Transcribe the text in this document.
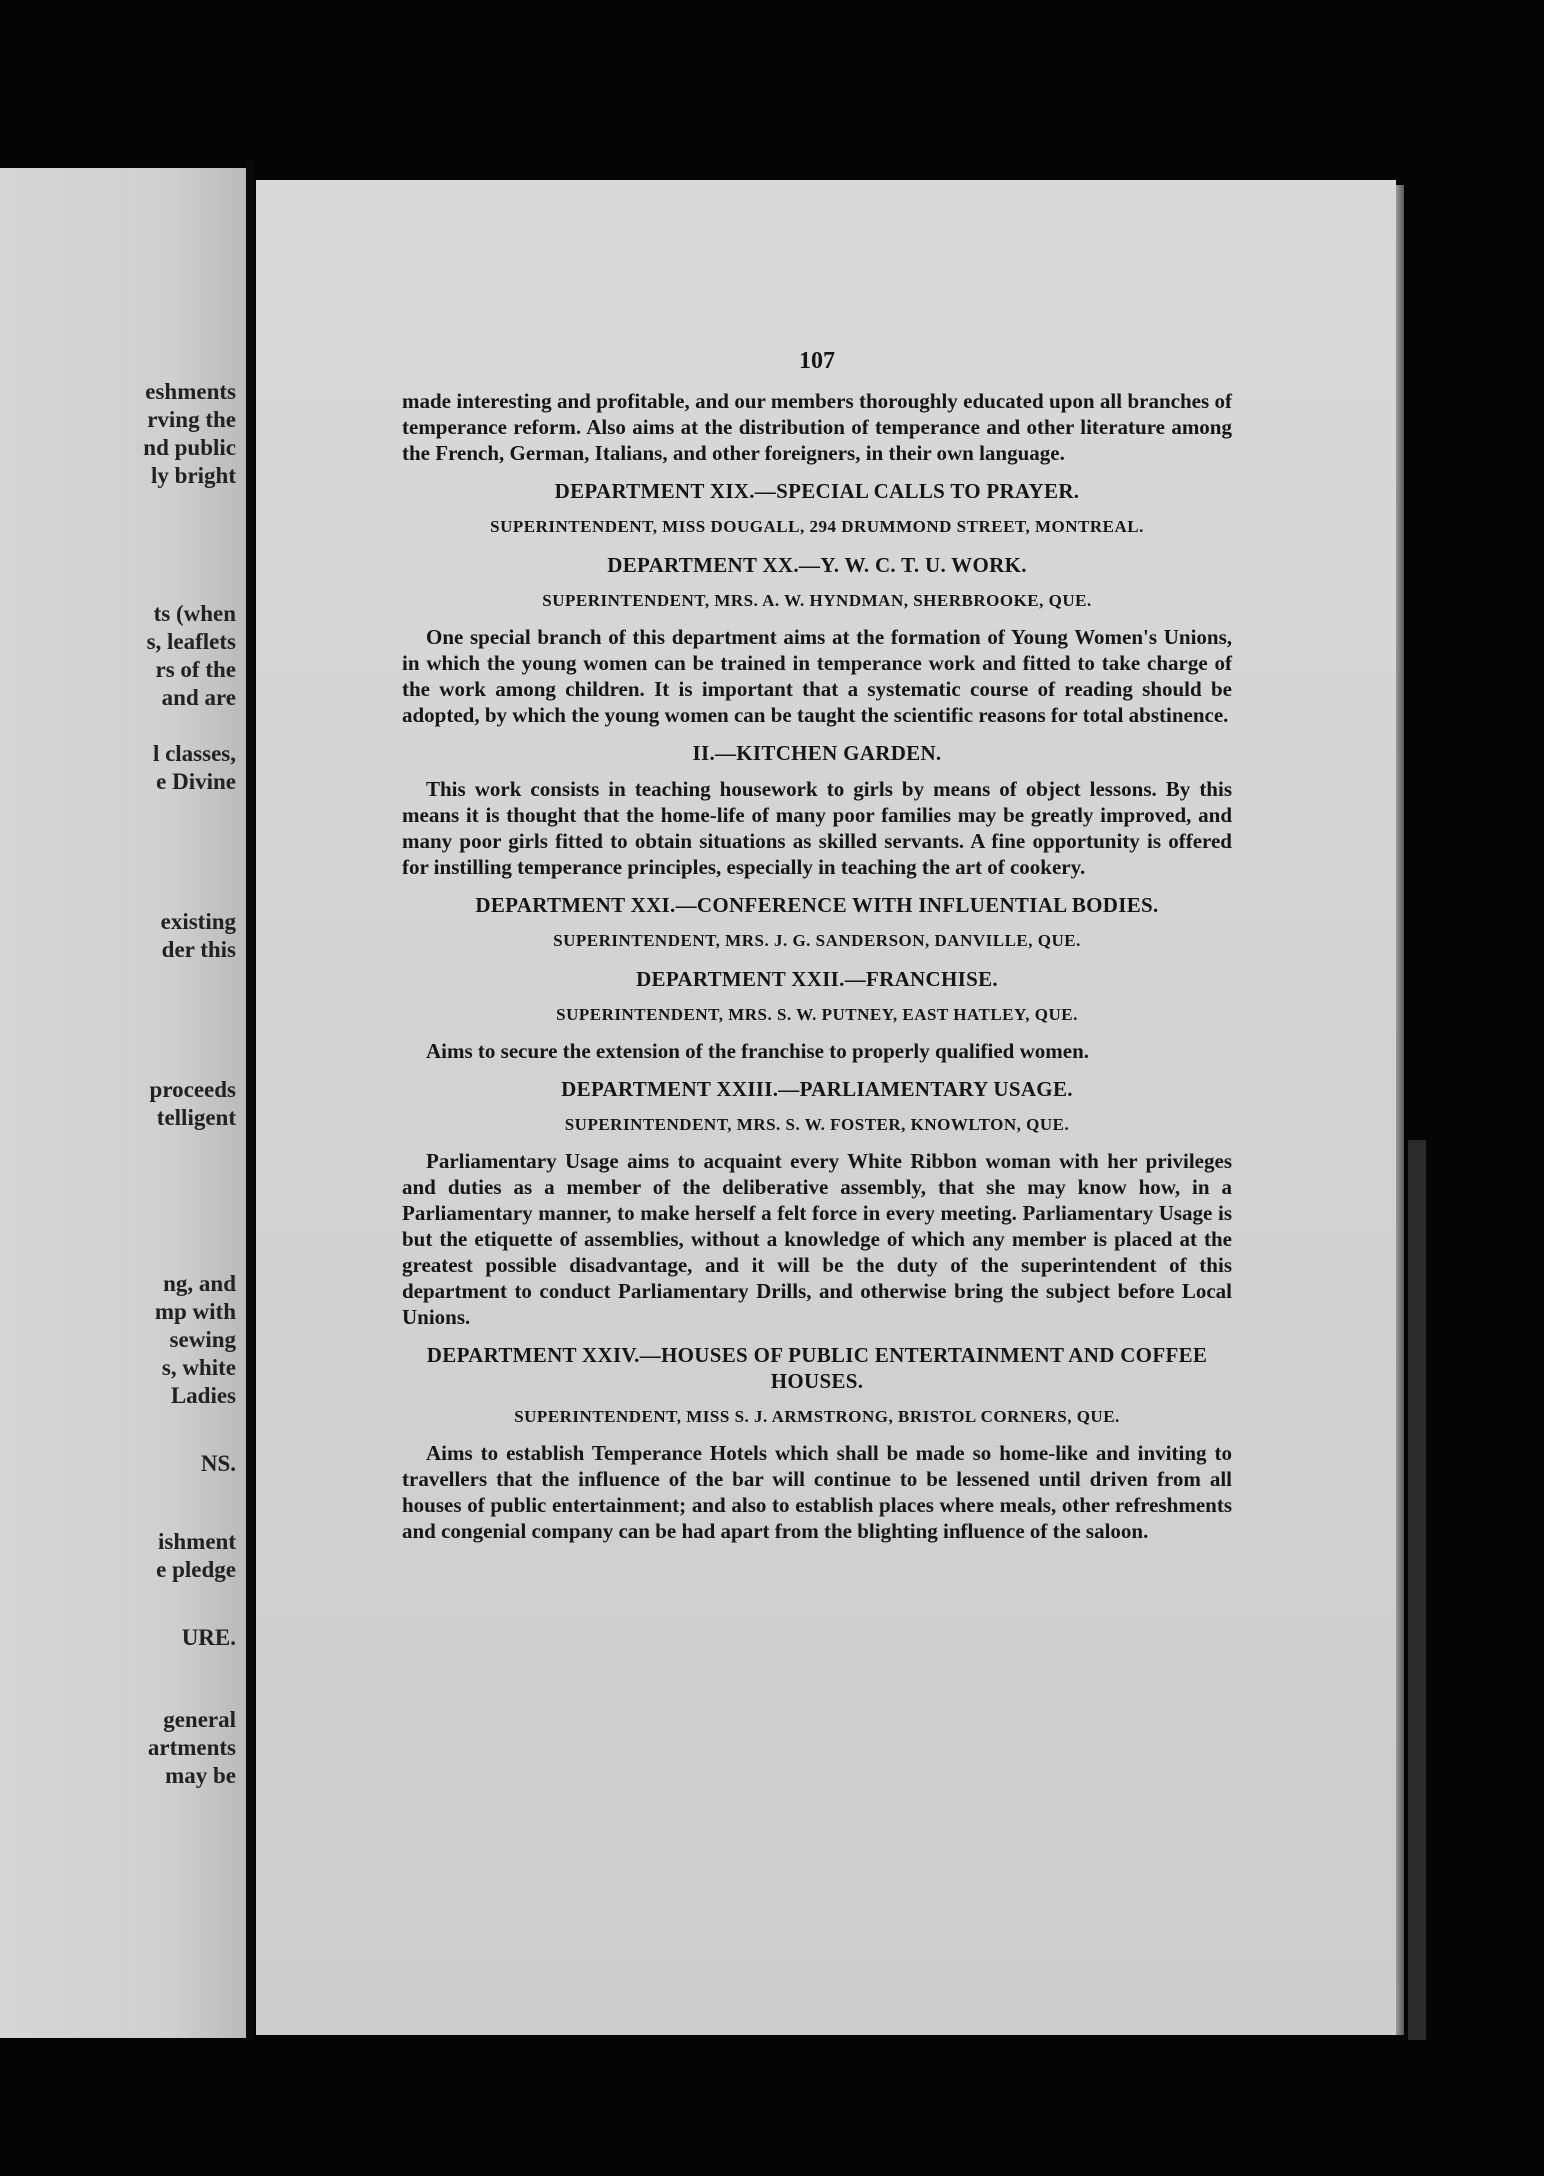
eshments
rving the
nd public
ly bright
ts (when
s, leaflets
rs of the
and are
l classes,
e Divine
existing
der this
proceeds
telligent
ng, and
mp with
sewing
s, white
Ladies
NS.
ishment
e pledge
URE.
general
artments
may be
107

made interesting and profitable, and our members thoroughly educated upon all branches of temperance reform. Also aims at the distribution of temperance and other literature among the French, German, Italians, and other foreigners, in their own language.

DEPARTMENT XIX.—SPECIAL CALLS TO PRAYER.
SUPERINTENDENT, MISS DOUGALL, 294 DRUMMOND STREET, MONTREAL.
DEPARTMENT XX.—Y. W. C. T. U. WORK.
SUPERINTENDENT, MRS. A. W. HYNDMAN, SHERBROOKE, QUE.

One special branch of this department aims at the formation of Young Women's Unions, in which the young women can be trained in temperance work and fitted to take charge of the work among children. It is important that a systematic course of reading should be adopted, by which the young women can be taught the scientific reasons for total abstinence.

II.—KITCHEN GARDEN.

This work consists in teaching housework to girls by means of object lessons. By this means it is thought that the home-life of many poor families may be greatly improved, and many poor girls fitted to obtain situations as skilled servants. A fine opportunity is offered for instilling temperance principles, especially in teaching the art of cookery.

DEPARTMENT XXI.—CONFERENCE WITH INFLUENTIAL BODIES.
SUPERINTENDENT, MRS. J. G. SANDERSON, DANVILLE, QUE.
DEPARTMENT XXII.—FRANCHISE.
SUPERINTENDENT, MRS. S. W. PUTNEY, EAST HATLEY, QUE.

Aims to secure the extension of the franchise to properly qualified women.

DEPARTMENT XXIII.—PARLIAMENTARY USAGE.
SUPERINTENDENT, MRS. S. W. FOSTER, KNOWLTON, QUE.

Parliamentary Usage aims to acquaint every White Ribbon woman with her privileges and duties as a member of the deliberative assembly, that she may know how, in a Parliamentary manner, to make herself a felt force in every meeting. Parliamentary Usage is but the etiquette of assemblies, without a knowledge of which any member is placed at the greatest possible disadvantage, and it will be the duty of the superintendent of this department to conduct Parliamentary Drills, and otherwise bring the subject before Local Unions.

DEPARTMENT XXIV.—HOUSES OF PUBLIC ENTERTAINMENT AND COFFEE HOUSES.
SUPERINTENDENT, MISS S. J. ARMSTRONG, BRISTOL CORNERS, QUE.

Aims to establish Temperance Hotels which shall be made so home-like and inviting to travellers that the influence of the bar will continue to be lessened until driven from all houses of public entertainment; and also to establish places where meals, other refreshments and congenial company can be had apart from the blighting influence of the saloon.
